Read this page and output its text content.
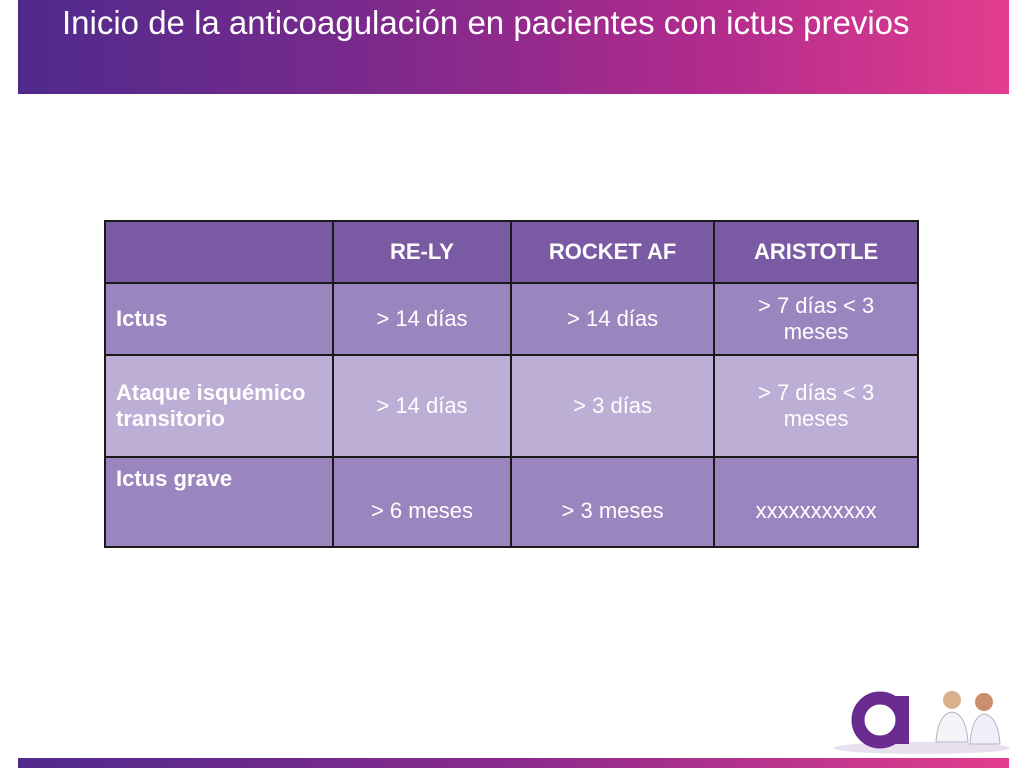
Inicio de la anticoagulación en pacientes con ictus previos
	RE-LY	ROCKET AF	ARISTOTLE
Ictus	> 14 días	> 14 días	> 7 días < 3 meses
Ataque isquémico transitorio	> 14 días	> 3 días	> 7 días < 3 meses
Ictus grave	> 6 meses	> 3 meses	xxxxxxxxxxx
